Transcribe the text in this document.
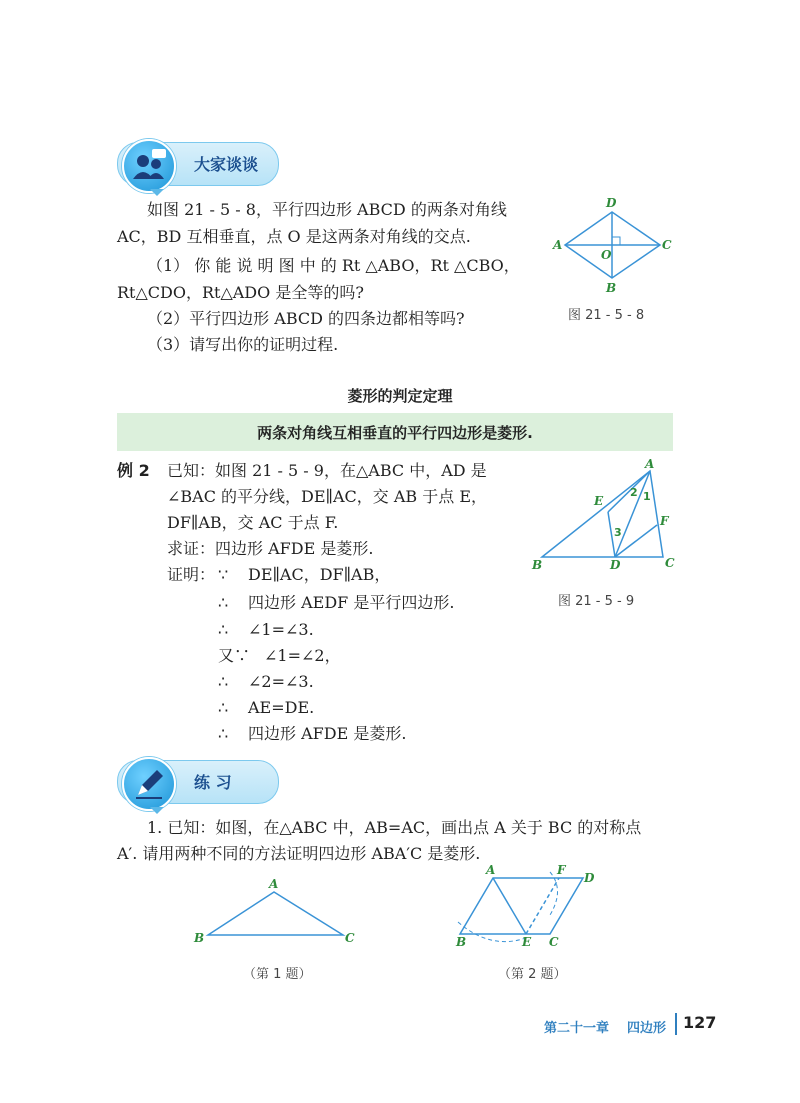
大家谈谈
如图 21 - 5 - 8，平行四边形 ABCD 的两条对角线
AC，BD 互相垂直，点 O 是这两条对角线的交点.
（1） 你 能 说 明 图 中 的 Rt △ABO，Rt △CBO，
Rt△CDO，Rt△ADO 是全等的吗?
（2）平行四边形 ABCD 的四条边都相等吗?
（3）请写出你的证明过程.
D
A	C
B
O
图 21 - 5 - 8
菱形的判定定理
两条对角线互相垂直的平行四边形是菱形.
例 2 已知：如图 21 - 5 - 9，在△ABC 中，AD 是
∠BAC 的平分线，DE∥AC，交 AB 于点 E，
DF∥AB，交 AC 于点 F.
求证：四边形 AFDE 是菱形.
证明： ∵ DE∥AC，DF∥AB，
∴ 四边形 AEDF 是平行四边形.
∴ ∠1=∠3.
又∵ ∠1=∠2，
∴ ∠2=∠3.
∴ AE=DE.
∴ 四边形 AFDE 是菱形.
A
E
F
B	D	C
2 1
3
图 21 - 5 - 9
练 习
1. 已知：如图，在△ABC 中，AB=AC，画出点 A 关于 BC 的对称点
A′. 请用两种不同的方法证明四边形 ABA′C 是菱形.
A
B	C
（第 1 题）
A	F
D
B	E C
（第 2 题）
第二十一章 四边形 127
